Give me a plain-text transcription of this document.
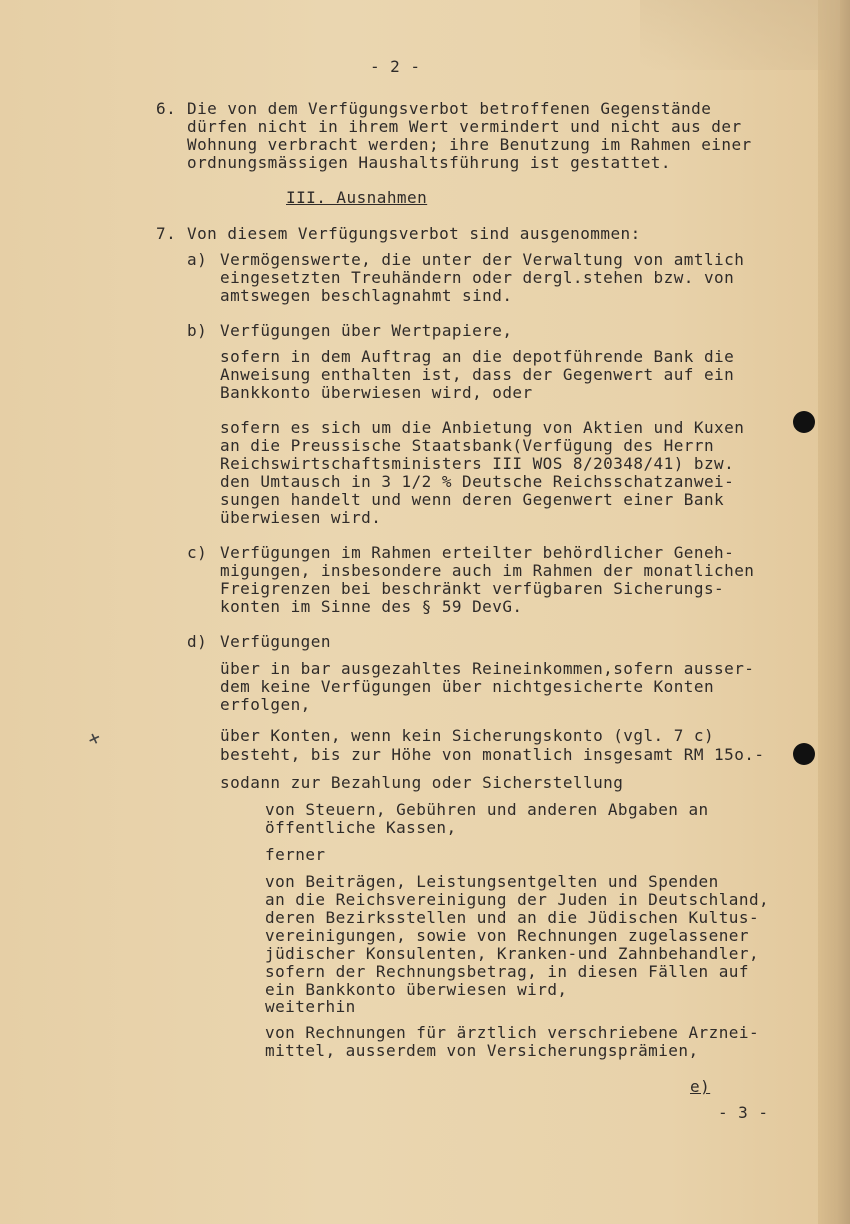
- 2 -
6. Die von dem Verfügungsverbot betroffenen Gegenstände
dürfen nicht in ihrem Wert vermindert und nicht aus der
Wohnung verbracht werden; ihre Benutzung im Rahmen einer
ordnungsmässigen Haushaltsführung ist gestattet.
III. Ausnahmen
7. Von diesem Verfügungsverbot sind ausgenommen:
a) Vermögenswerte, die unter der Verwaltung von amtlich
eingesetzten Treuhändern oder dergl.stehen bzw. von
amtswegen beschlagnahmt sind.
b) Verfügungen über Wertpapiere,
sofern in dem Auftrag an die depotführende Bank die
Anweisung enthalten ist, dass der Gegenwert auf ein
Bankkonto überwiesen wird, oder
sofern es sich um die Anbietung von Aktien und Kuxen
an die Preussische Staatsbank(Verfügung des Herrn
Reichswirtschaftsministers III WOS 8/20348/41) bzw.
den Umtausch in 3 1/2 % Deutsche Reichsschatzanwei-
sungen handelt und wenn deren Gegenwert einer Bank
überwiesen wird.
c) Verfügungen im Rahmen erteilter behördlicher Geneh-
migungen, insbesondere auch im Rahmen der monatlichen
Freigrenzen bei beschränkt verfügbaren Sicherungs-
konten im Sinne des § 59 DevG.
d) Verfügungen
über in bar ausgezahltes Reineinkommen,sofern ausser-
dem keine Verfügungen über nichtgesicherte Konten
erfolgen,
über Konten, wenn kein Sicherungskonto (vgl. 7 c)
besteht, bis zur Höhe von monatlich insgesamt RM 15o.-
sodann zur Bezahlung oder Sicherstellung
von Steuern, Gebühren und anderen Abgaben an
öffentliche Kassen,
ferner
von Beiträgen, Leistungsentgelten und Spenden
an die Reichsvereinigung der Juden in Deutschland,
deren Bezirksstellen und an die Jüdischen Kultus-
vereinigungen, sowie von Rechnungen zugelassener
jüdischer Konsulenten, Kranken-und Zahnbehandler,
sofern der Rechnungsbetrag, in diesen Fällen auf
ein Bankkonto überwiesen wird,
weiterhin
von Rechnungen für ärztlich verschriebene Arznei-
mittel, ausserdem von Versicherungsprämien,
e)
- 3 -
+
